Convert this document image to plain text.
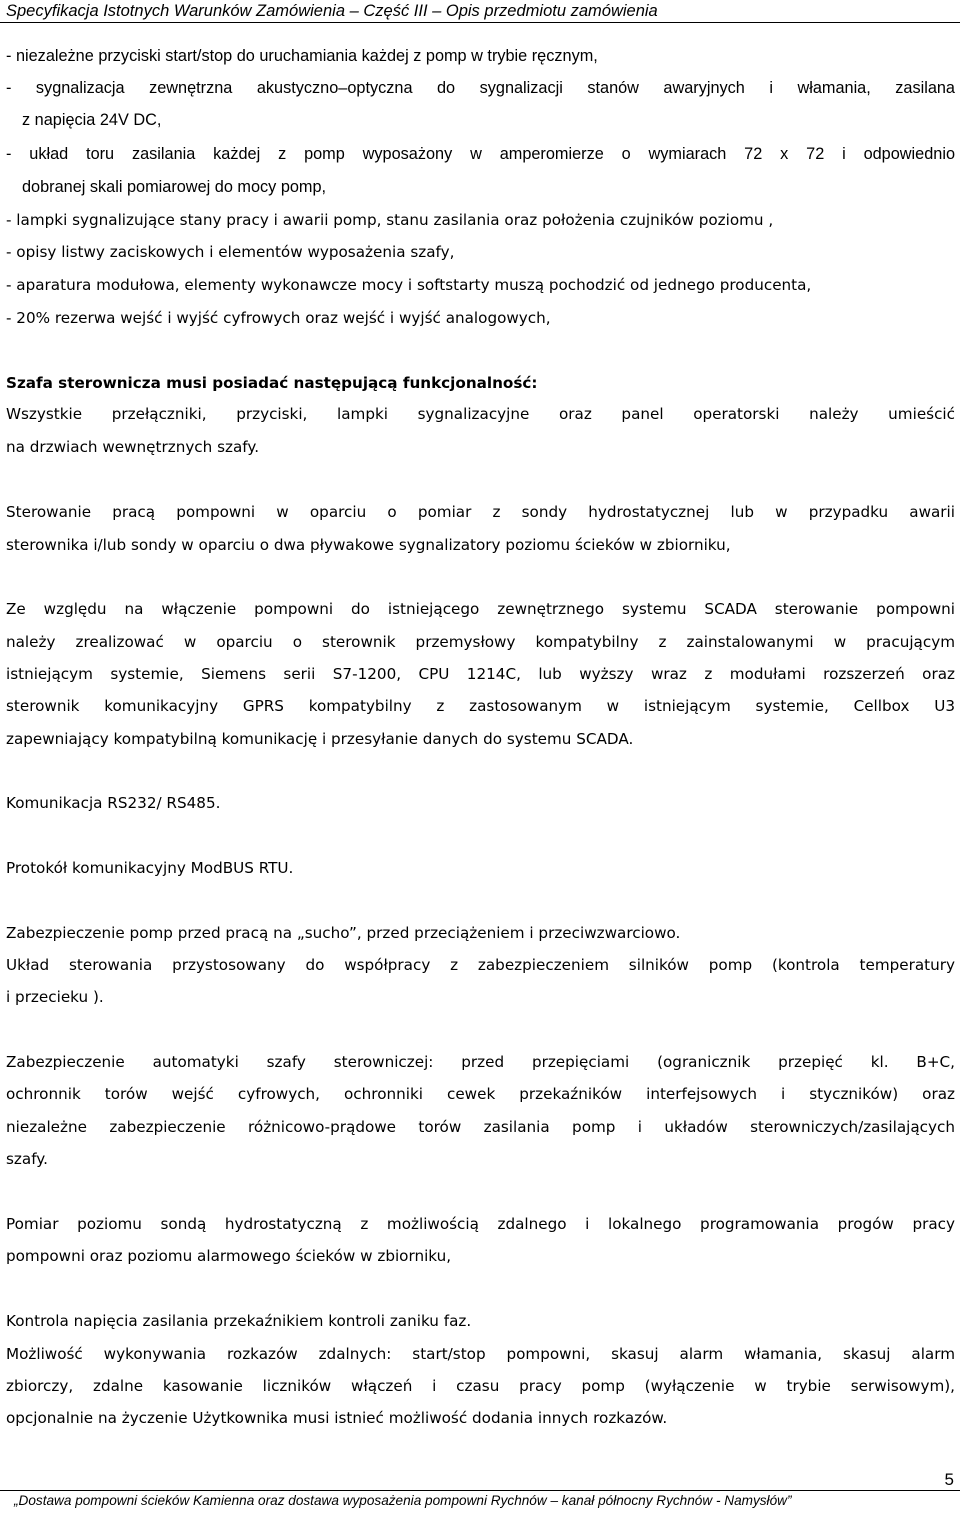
Specyfikacja Istotnych Warunków Zamówienia – Część III – Opis przedmiotu zamówienia
- niezależne przyciski start/stop do uruchamiania każdej z pomp w trybie ręcznym,
- sygnalizacja zewnętrzna akustyczno–optyczna do sygnalizacji stanów awaryjnych i włamania, zasilana
z napięcia 24V DC,
- układ toru zasilania każdej z pomp wyposażony w amperomierze o wymiarach 72 x 72 i odpowiednio
dobranej skali pomiarowej do mocy pomp,
- lampki sygnalizujące stany pracy i awarii pomp, stanu zasilania oraz położenia czujników poziomu ,
- opisy listwy zaciskowych i elementów wyposażenia szafy,
- aparatura modułowa, elementy wykonawcze mocy i softstarty muszą pochodzić od jednego producenta,
- 20% rezerwa wejść i wyjść cyfrowych oraz wejść i wyjść analogowych,
Szafa sterownicza musi posiadać następującą funkcjonalność:
Wszystkie przełączniki, przyciski, lampki sygnalizacyjne oraz panel operatorski należy umieścić
na drzwiach wewnętrznych szafy.
Sterowanie pracą pompowni w oparciu o pomiar z sondy hydrostatycznej lub w przypadku awarii
sterownika i/lub sondy w oparciu o dwa pływakowe sygnalizatory poziomu ścieków w zbiorniku,
Ze względu na włączenie pompowni do istniejącego zewnętrznego systemu SCADA sterowanie pompowni
należy zrealizować w oparciu o sterownik przemysłowy kompatybilny z zainstalowanymi w pracującym
istniejącym systemie, Siemens serii S7-1200, CPU 1214C, lub wyższy wraz z modułami rozszerzeń oraz
sterownik komunikacyjny GPRS kompatybilny z zastosowanym w istniejącym systemie, Cellbox U3
zapewniający kompatybilną komunikację i przesyłanie danych do systemu SCADA.
Komunikacja RS232/ RS485.
Protokół komunikacyjny ModBUS RTU.
Zabezpieczenie pomp przed pracą na „sucho”, przed przeciążeniem i przeciwzwarciowo.
Układ sterowania przystosowany do współpracy z zabezpieczeniem silników pomp (kontrola temperatury
i przecieku ).
Zabezpieczenie automatyki szafy sterowniczej: przed przepięciami (ogranicznik przepięć kl. B+C,
ochronnik torów wejść cyfrowych, ochronniki cewek przekaźników interfejsowych i styczników) oraz
niezależne zabezpieczenie różnicowo-prądowe torów zasilania pomp i układów sterowniczych/zasilających
szafy.
Pomiar poziomu sondą hydrostatyczną z możliwością zdalnego i lokalnego programowania progów pracy
pompowni oraz poziomu alarmowego ścieków w zbiorniku,
Kontrola napięcia zasilania przekaźnikiem kontroli zaniku faz.
Możliwość wykonywania rozkazów zdalnych: start/stop pompowni, skasuj alarm włamania, skasuj alarm
zbiorczy, zdalne kasowanie liczników włączeń i czasu pracy pomp (wyłączenie w trybie serwisowym),
opcjonalnie na życzenie Użytkownika musi istnieć możliwość dodania innych rozkazów.
5
„Dostawa pompowni ścieków Kamienna oraz dostawa wyposażenia pompowni Rychnów – kanał północny Rychnów - Namysłów”
